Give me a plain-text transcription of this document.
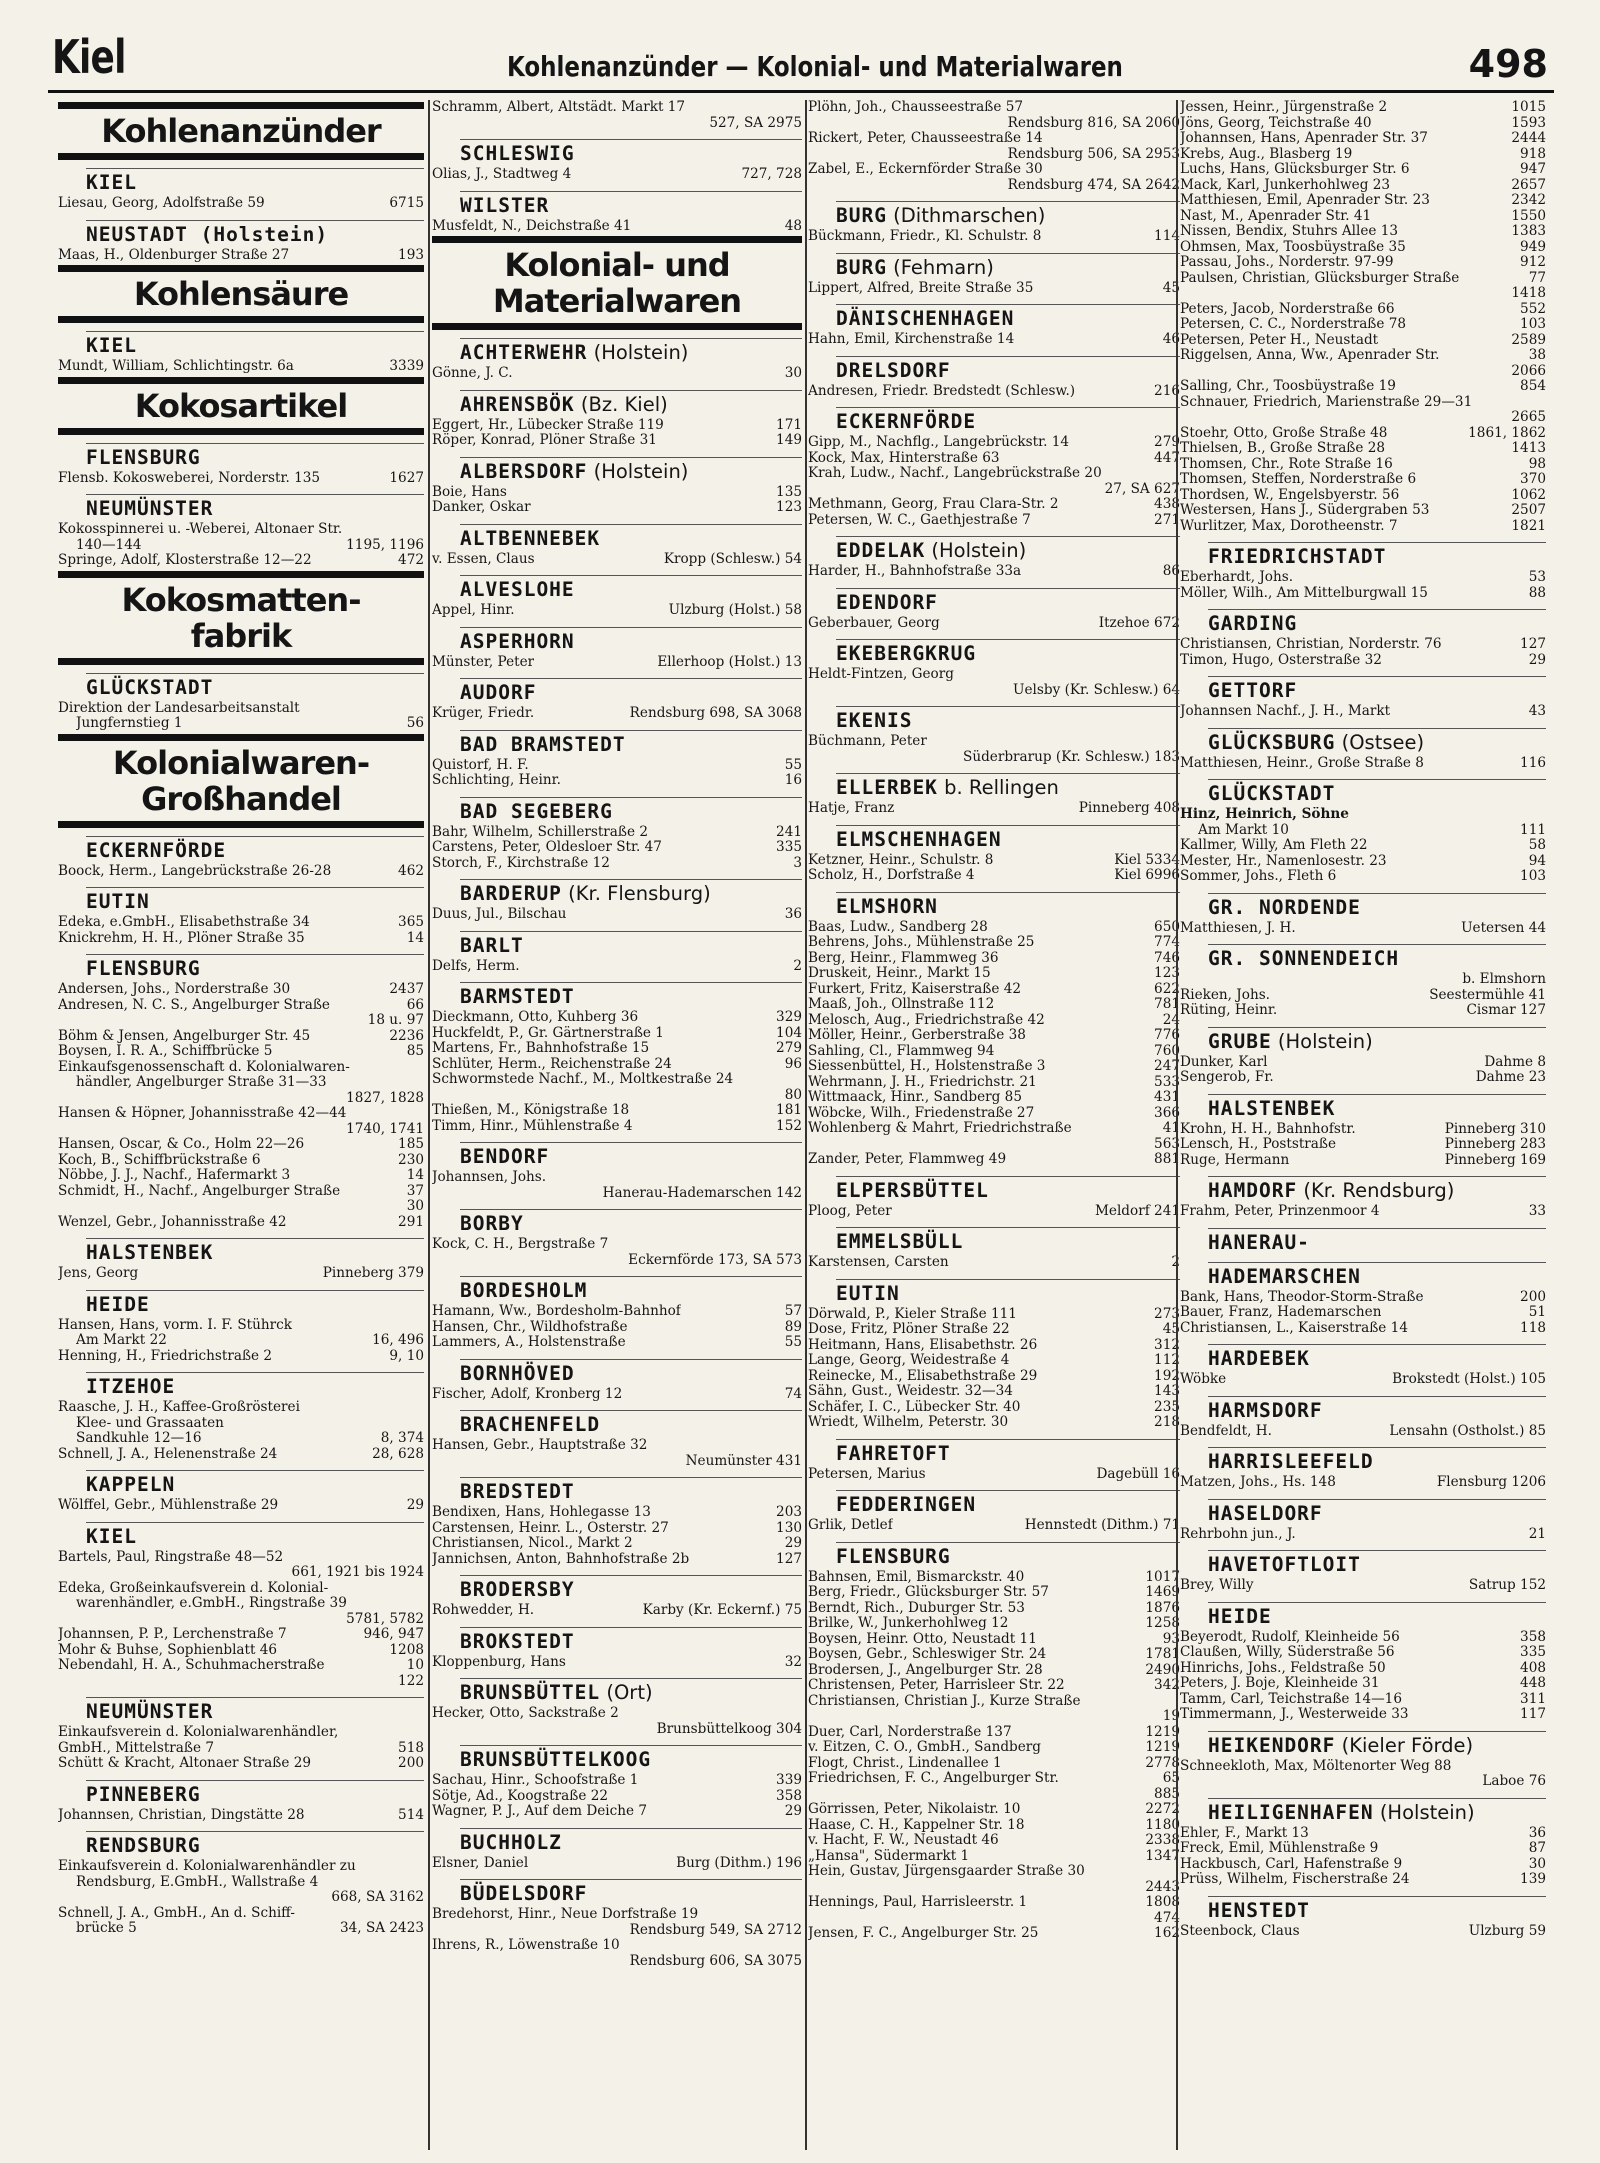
Kiel	Kohlenanzünder — Kolonial- und Materialwaren	498
Kohlenanzünder
KIEL
Liesau, Georg, Adolfstraße 59	6715
NEUSTADT (Holstein)
Maas, H., Oldenburger Straße 27	193
Kohlensäure
KIEL
Mundt, William, Schlichtingstr. 6a	3339
Kokosartikel
FLENSBURG
Flensb. Kokosweberei, Norderstr. 135	1627
NEUMÜNSTER
Kokosspinnerei u. -Weberei, Altonaer Str.
140—144	1195, 1196
Springe, Adolf, Klosterstraße 12—22	472
Kokosmatten-
fabrik
GLÜCKSTADT
Direktion der Landesarbeitsanstalt
Jungfernstieg 1	56
Kolonialwaren-
Großhandel
ECKERNFÖRDE
Boock, Herm., Langebrückstraße 26-28	462
EUTIN
Edeka, e.GmbH., Elisabethstraße 34	365
Knickrehm, H. H., Plöner Straße 35	14
FLENSBURG
Andersen, Johs., Norderstraße 30	2437
Andresen, N. C. S., Angelburger Straße	66
18 u. 97
Böhm & Jensen, Angelburger Str. 45	2236
Boysen, I. R. A., Schiffbrücke 5	85
Einkaufsgenossenschaft d. Kolonialwaren-
händler, Angelburger Straße 31—33
1827, 1828
Hansen & Höpner, Johannisstraße 42—44
1740, 1741
Hansen, Oscar, & Co., Holm 22—26	185
Koch, B., Schiffbrückstraße 6	230
Nöbbe, J. J., Nachf., Hafermarkt 3	14
Schmidt, H., Nachf., Angelburger Straße	37
30
Wenzel, Gebr., Johannisstraße 42	291
HALSTENBEK
Jens, Georg	Pinneberg 379
HEIDE
Hansen, Hans, vorm. I. F. Stührck
Am Markt 22	16, 496
Henning, H., Friedrichstraße 2	9, 10
ITZEHOE
Raasche, J. H., Kaffee-Großrösterei
Klee- und Grassaaten
Sandkuhle 12—16	8, 374
Schnell, J. A., Helenenstraße 24	28, 628
KAPPELN
Wölffel, Gebr., Mühlenstraße 29	29
KIEL
Bartels, Paul, Ringstraße 48—52
661, 1921 bis 1924
Edeka, Großeinkaufsverein d. Kolonial-
warenhändler, e.GmbH., Ringstraße 39
5781, 5782
Johannsen, P. P., Lerchenstraße 7	946, 947
Mohr & Buhse, Sophienblatt 46	1208
Nebendahl, H. A., Schuhmacherstraße	10
122
NEUMÜNSTER
Einkaufsverein d. Kolonialwarenhändler,
GmbH., Mittelstraße 7	518
Schütt & Kracht, Altonaer Straße 29	200
PINNEBERG
Johannsen, Christian, Dingstätte 28	514
RENDSBURG
Einkaufsverein d. Kolonialwarenhändler zu
Rendsburg, E.GmbH., Wallstraße 4
668, SA 3162
Schnell, J. A., GmbH., An d. Schiff-
brücke 5	34, SA 2423
Schramm, Albert, Altstädt. Markt 17
527, SA 2975
SCHLESWIG
Olias, J., Stadtweg 4	727, 728
WILSTER
Musfeldt, N., Deichstraße 41	48
Kolonial- und
Materialwaren
ACHTERWEHR (Holstein)
Gönne, J. C.	30
AHRENSBÖK (Bz. Kiel)
Eggert, Hr., Lübecker Straße 119	171
Röper, Konrad, Plöner Straße 31	149
ALBERSDORF (Holstein)
Boie, Hans	135
Danker, Oskar	123
ALTBENNEBEK
v. Essen, Claus	Kropp (Schlesw.) 54
ALVESLOHE
Appel, Hinr.	Ulzburg (Holst.) 58
ASPERHORN
Münster, Peter	Ellerhoop (Holst.) 13
AUDORF
Krüger, Friedr.	Rendsburg 698, SA 3068
BAD BRAMSTEDT
Quistorf, H. F.	55
Schlichting, Heinr.	16
BAD SEGEBERG
Bahr, Wilhelm, Schillerstraße 2	241
Carstens, Peter, Oldesloer Str. 47	335
Storch, F., Kirchstraße 12	3
BARDERUP (Kr. Flensburg)
Duus, Jul., Bilschau	36
BARLT
Delfs, Herm.	2
BARMSTEDT
Dieckmann, Otto, Kuhberg 36	329
Huckfeldt, P., Gr. Gärtnerstraße 1	104
Martens, Fr., Bahnhofstraße 15	279
Schlüter, Herm., Reichenstraße 24	96
Schwormstede Nachf., M., Moltkestraße 24
80
Thießen, M., Königstraße 18	181
Timm, Hinr., Mühlenstraße 4	152
BENDORF
Johannsen, Johs.
Hanerau-Hademarschen 142
BORBY
Kock, C. H., Bergstraße 7
Eckernförde 173, SA 573
BORDESHOLM
Hamann, Ww., Bordesholm-Bahnhof	57
Hansen, Chr., Wildhofstraße	89
Lammers, A., Holstenstraße	55
BORNHÖVED
Fischer, Adolf, Kronberg 12	74
BRACHENFELD
Hansen, Gebr., Hauptstraße 32
Neumünster 431
BREDSTEDT
Bendixen, Hans, Hohlegasse 13	203
Carstensen, Heinr. L., Osterstr. 27	130
Christiansen, Nicol., Markt 2	29
Jannichsen, Anton, Bahnhofstraße 2b	127
BRODERSBY
Rohwedder, H.	Karby (Kr. Eckernf.) 75
BROKSTEDT
Kloppenburg, Hans	32
BRUNSBÜTTEL (Ort)
Hecker, Otto, Sackstraße 2
Brunsbüttelkoog 304
BRUNSBÜTTELKOOG
Sachau, Hinr., Schoofstraße 1	339
Sötje, Ad., Koogstraße 22	358
Wagner, P. J., Auf dem Deiche 7	29
BUCHHOLZ
Elsner, Daniel	Burg (Dithm.) 196
BÜDELSDORF
Bredehorst, Hinr., Neue Dorfstraße 19
Rendsburg 549, SA 2712
Ihrens, R., Löwenstraße 10
Rendsburg 606, SA 3075
Plöhn, Joh., Chausseestraße 57
Rendsburg 816, SA 2060
Rickert, Peter, Chausseestraße 14
Rendsburg 506, SA 2953
Zabel, E., Eckernförder Straße 30
Rendsburg 474, SA 2642
BURG (Dithmarschen)
Bückmann, Friedr., Kl. Schulstr. 8	114
BURG (Fehmarn)
Lippert, Alfred, Breite Straße 35	45
DÄNISCHENHAGEN
Hahn, Emil, Kirchenstraße 14	46
DRELSDORF
Andresen, Friedr. Bredstedt (Schlesw.)	216
ECKERNFÖRDE
Gipp, M., Nachflg., Langebrückstr. 14	279
Kock, Max, Hinterstraße 63	447
Krah, Ludw., Nachf., Langebrückstraße 20
27, SA 627
Methmann, Georg, Frau Clara-Str. 2	438
Petersen, W. C., Gaethjestraße 7	271
EDDELAK (Holstein)
Harder, H., Bahnhofstraße 33a	86
EDENDORF
Geberbauer, Georg	Itzehoe 672
EKEBERGKRUG
Heldt-Fintzen, Georg
Uelsby (Kr. Schlesw.) 64
EKENIS
Büchmann, Peter
Süderbrarup (Kr. Schlesw.) 183
ELLERBEK b. Rellingen
Hatje, Franz	Pinneberg 408
ELMSCHENHAGEN
Ketzner, Heinr., Schulstr. 8	Kiel 5334
Scholz, H., Dorfstraße 4	Kiel 6996
ELMSHORN
Baas, Ludw., Sandberg 28	650
Behrens, Johs., Mühlenstraße 25	774
Berg, Heinr., Flammweg 36	746
Druskeit, Heinr., Markt 15	123
Furkert, Fritz, Kaiserstraße 42	622
Maaß, Joh., Ollnstraße 112	781
Melosch, Aug., Friedrichstraße 42	24
Möller, Heinr., Gerberstraße 38	776
Sahling, Cl., Flammweg 94	760
Siessenbüttel, H., Holstenstraße 3	247
Wehrmann, J. H., Friedrichstr. 21	533
Wittmaack, Hinr., Sandberg 85	431
Wöbcke, Wilh., Friedenstraße 27	366
Wohlenberg & Mahrt, Friedrichstraße	41
563
Zander, Peter, Flammweg 49	881
ELPERSBÜTTEL
Ploog, Peter	Meldorf 241
EMMELSBÜLL
Karstensen, Carsten	2
EUTIN
Dörwald, P., Kieler Straße 111	273
Dose, Fritz, Plöner Straße 22	45
Heitmann, Hans, Elisabethstr. 26	312
Lange, Georg, Weidestraße 4	112
Reinecke, M., Elisabethstraße 29	192
Sähn, Gust., Weidestr. 32—34	143
Schäfer, I. C., Lübecker Str. 40	235
Wriedt, Wilhelm, Peterstr. 30	218
FAHRETOFT
Petersen, Marius	Dagebüll 16
FEDDERINGEN
Grlik, Detlef	Hennstedt (Dithm.) 71
FLENSBURG
Bahnsen, Emil, Bismarckstr. 40	1017
Berg, Friedr., Glücksburger Str. 57	1469
Berndt, Rich., Duburger Str. 53	1876
Brilke, W., Junkerhohlweg 12	1258
Boysen, Heinr. Otto, Neustadt 11	93
Boysen, Gebr., Schleswiger Str. 24	1781
Brodersen, J., Angelburger Str. 28	2490
Christensen, Peter, Harrisleer Str. 22	342
Christiansen, Christian J., Kurze Straße
19
Duer, Carl, Norderstraße 137	1219
v. Eitzen, C. O., GmbH., Sandberg	1219
Flogt, Christ., Lindenallee 1	2778
Friedrichsen, F. C., Angelburger Str.	65
885
Görrissen, Peter, Nikolaistr. 10	2272
Haase, C. H., Kappelner Str. 18	1180
v. Hacht, F. W., Neustadt 46	2338
„Hansa", Südermarkt 1	1347
Hein, Gustav, Jürgensgaarder Straße 30
2443
Hennings, Paul, Harrisleerstr. 1	1808
474
Jensen, F. C., Angelburger Str. 25	162
Jessen, Heinr., Jürgenstraße 2	1015
Jöns, Georg, Teichstraße 40	1593
Johannsen, Hans, Apenrader Str. 37	2444
Krebs, Aug., Blasberg 19	918
Luchs, Hans, Glücksburger Str. 6	947
Mack, Karl, Junkerhohlweg 23	2657
Matthiesen, Emil, Apenrader Str. 23	2342
Nast, M., Apenrader Str. 41	1550
Nissen, Bendix, Stuhrs Allee 13	1383
Ohmsen, Max, Toosbüystraße 35	949
Passau, Johs., Norderstr. 97-99	912
Paulsen, Christian, Glücksburger Straße	77
1418
Peters, Jacob, Norderstraße 66	552
Petersen, C. C., Norderstraße 78	103
Petersen, Peter H., Neustadt	2589
Riggelsen, Anna, Ww., Apenrader Str.	38
2066
Salling, Chr., Toosbüystraße 19	854
Schnauer, Friedrich, Marienstraße 29—31
2665
Stoehr, Otto, Große Straße 48	1861, 1862
Thielsen, B., Große Straße 28	1413
Thomsen, Chr., Rote Straße 16	98
Thomsen, Steffen, Norderstraße 6	370
Thordsen, W., Engelsbyerstr. 56	1062
Westersen, Hans J., Südergraben 53	2507
Wurlitzer, Max, Dorotheenstr. 7	1821
FRIEDRICHSTADT
Eberhardt, Johs.	53
Möller, Wilh., Am Mittelburgwall 15	88
GARDING
Christiansen, Christian, Norderstr. 76	127
Timon, Hugo, Osterstraße 32	29
GETTORF
Johannsen Nachf., J. H., Markt	43
GLÜCKSBURG (Ostsee)
Matthiesen, Heinr., Große Straße 8	116
GLÜCKSTADT
Hinz, Heinrich, Söhne
Am Markt 10	111
Kallmer, Willy, Am Fleth 22	58
Mester, Hr., Namenlosestr. 23	94
Sommer, Johs., Fleth 6	103
GR. NORDENDE
Matthiesen, J. H.	Uetersen 44
GR. SONNENDEICH
b. Elmshorn
Rieken, Johs.	Seestermühle 41
Rüting, Heinr.	Cismar 127
GRUBE (Holstein)
Dunker, Karl	Dahme 8
Sengerob, Fr.	Dahme 23
HALSTENBEK
Krohn, H. H., Bahnhofstr.	Pinneberg 310
Lensch, H., Poststraße	Pinneberg 283
Ruge, Hermann	Pinneberg 169
HAMDORF (Kr. Rendsburg)
Frahm, Peter, Prinzenmoor 4	33
HANERAU-
HADEMARSCHEN
Bank, Hans, Theodor-Storm-Straße	200
Bauer, Franz, Hademarschen	51
Christiansen, L., Kaiserstraße 14	118
HARDEBEK
Wöbke	Brokstedt (Holst.) 105
HARMSDORF
Bendfeldt, H.	Lensahn (Ostholst.) 85
HARRISLEEFELD
Matzen, Johs., Hs. 148	Flensburg 1206
HASELDORF
Rehrbohn jun., J.	21
HAVETOFTLOIT
Brey, Willy	Satrup 152
HEIDE
Beyerodt, Rudolf, Kleinheide 56	358
Claußen, Willy, Süderstraße 56	335
Hinrichs, Johs., Feldstraße 50	408
Peters, J. Boje, Kleinheide 31	448
Tamm, Carl, Teichstraße 14—16	311
Timmermann, J., Westerweide 33	117
HEIKENDORF (Kieler Förde)
Schneekloth, Max, Möltenorter Weg 88
Laboe 76
HEILIGENHAFEN (Holstein)
Ehler, F., Markt 13	36
Freck, Emil, Mühlenstraße 9	87
Hackbusch, Carl, Hafenstraße 9	30
Prüss, Wilhelm, Fischerstraße 24	139
HENSTEDT
Steenbock, Claus	Ulzburg 59
